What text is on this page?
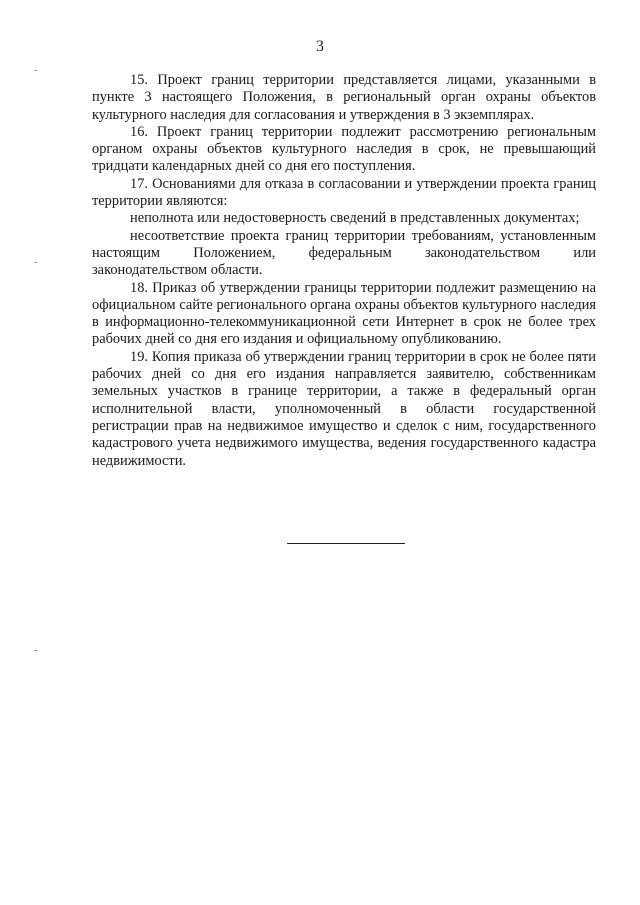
3

15. Проект границ территории представляется лицами, указанными в пункте 3 настоящего Положения, в региональный орган охраны объектов культурного наследия для согласования и утверждения в 3 экземплярах.

16. Проект границ территории подлежит рассмотрению региональным органом охраны объектов культурного наследия в срок, не превышающий тридцати календарных дней со дня его поступления.

17. Основаниями для отказа в согласовании и утверждении проекта границ территории являются:

неполнота или недостоверность сведений в представленных документах;

несоответствие проекта границ территории требованиям, установленным настоящим Положением, федеральным законодательством или законодательством области.

18. Приказ об утверждении границы территории подлежит размещению на официальном сайте регионального органа охраны объектов культурного наследия в информационно-телекоммуникационной сети Интернет в срок не более трех рабочих дней со дня его издания и официальному опубликованию.

19. Копия приказа об утверждении границ территории в срок не более пяти рабочих дней со дня его издания направляется заявителю, собственникам земельных участков в границе территории, а также в федеральный орган исполнительной власти, уполномоченный в области государственной регистрации прав на недвижимое имущество и сделок с ним, государственного кадастрового учета недвижимого имущества, ведения государственного кадастра недвижимости.
